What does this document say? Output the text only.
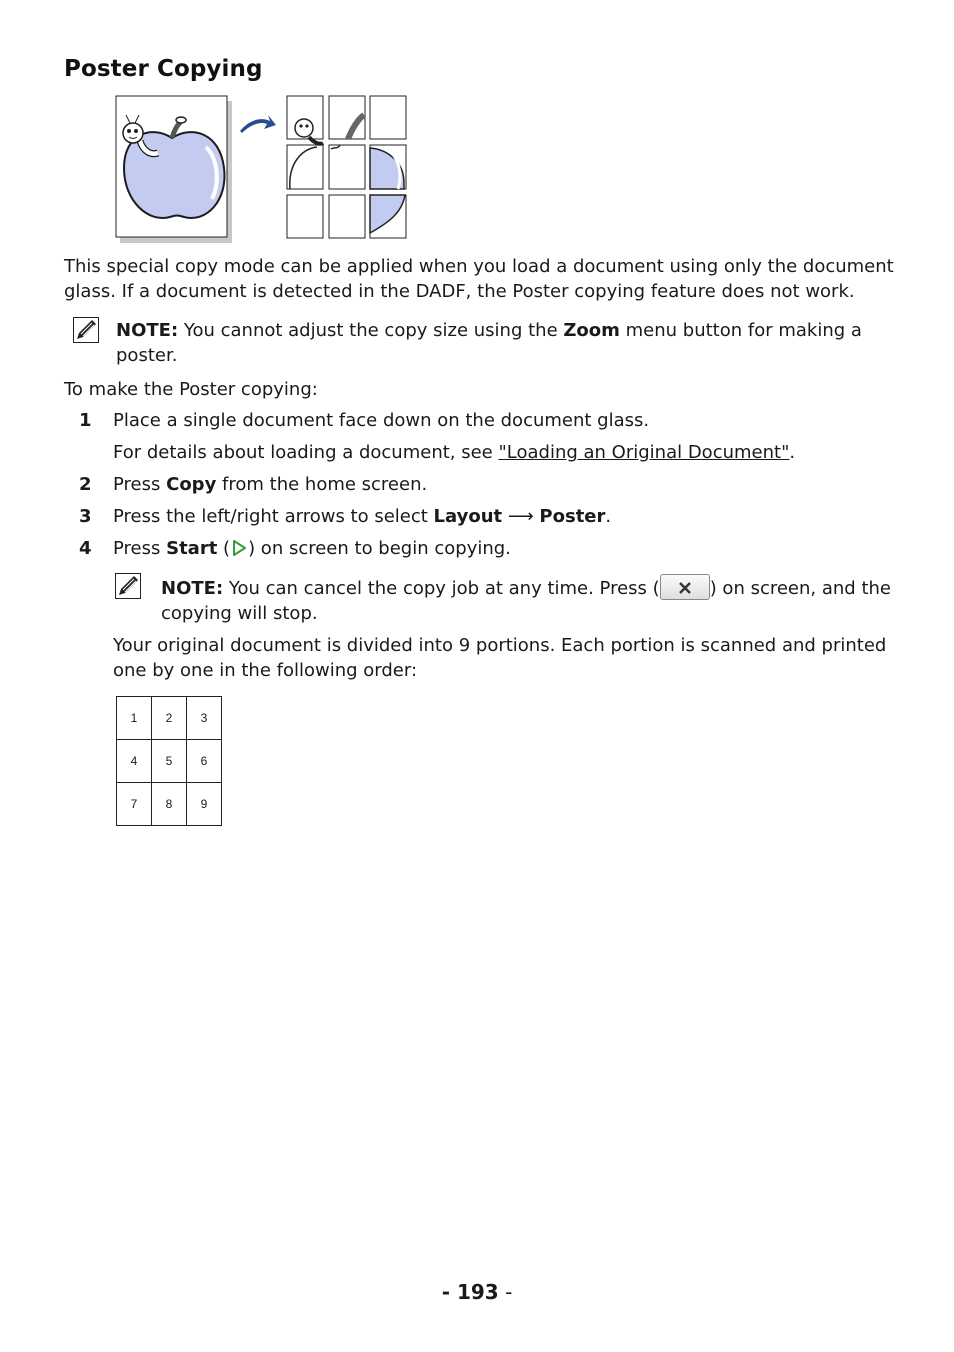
Poster Copying
This special copy mode can be applied when you load a document using only the document glass. If a document is detected in the DADF, the Poster copying feature does not work.
NOTE: You cannot adjust the copy size using the Zoom menu button for making a poster.
To make the Poster copying:
1 Place a single document face down on the document glass.
For details about loading a document, see "Loading an Original Document".
2 Press Copy from the home screen.
3 Press the left/right arrows to select Layout ⟶ Poster.
4 Press Start ( ) on screen to begin copying.
NOTE: You can cancel the copy job at any time. Press (	) on screen, and the copying will stop.
Your original document is divided into 9 portions. Each portion is scanned and printed one by one in the following order:
1	2	3
4	5	6
7	8	9
- 193 -
